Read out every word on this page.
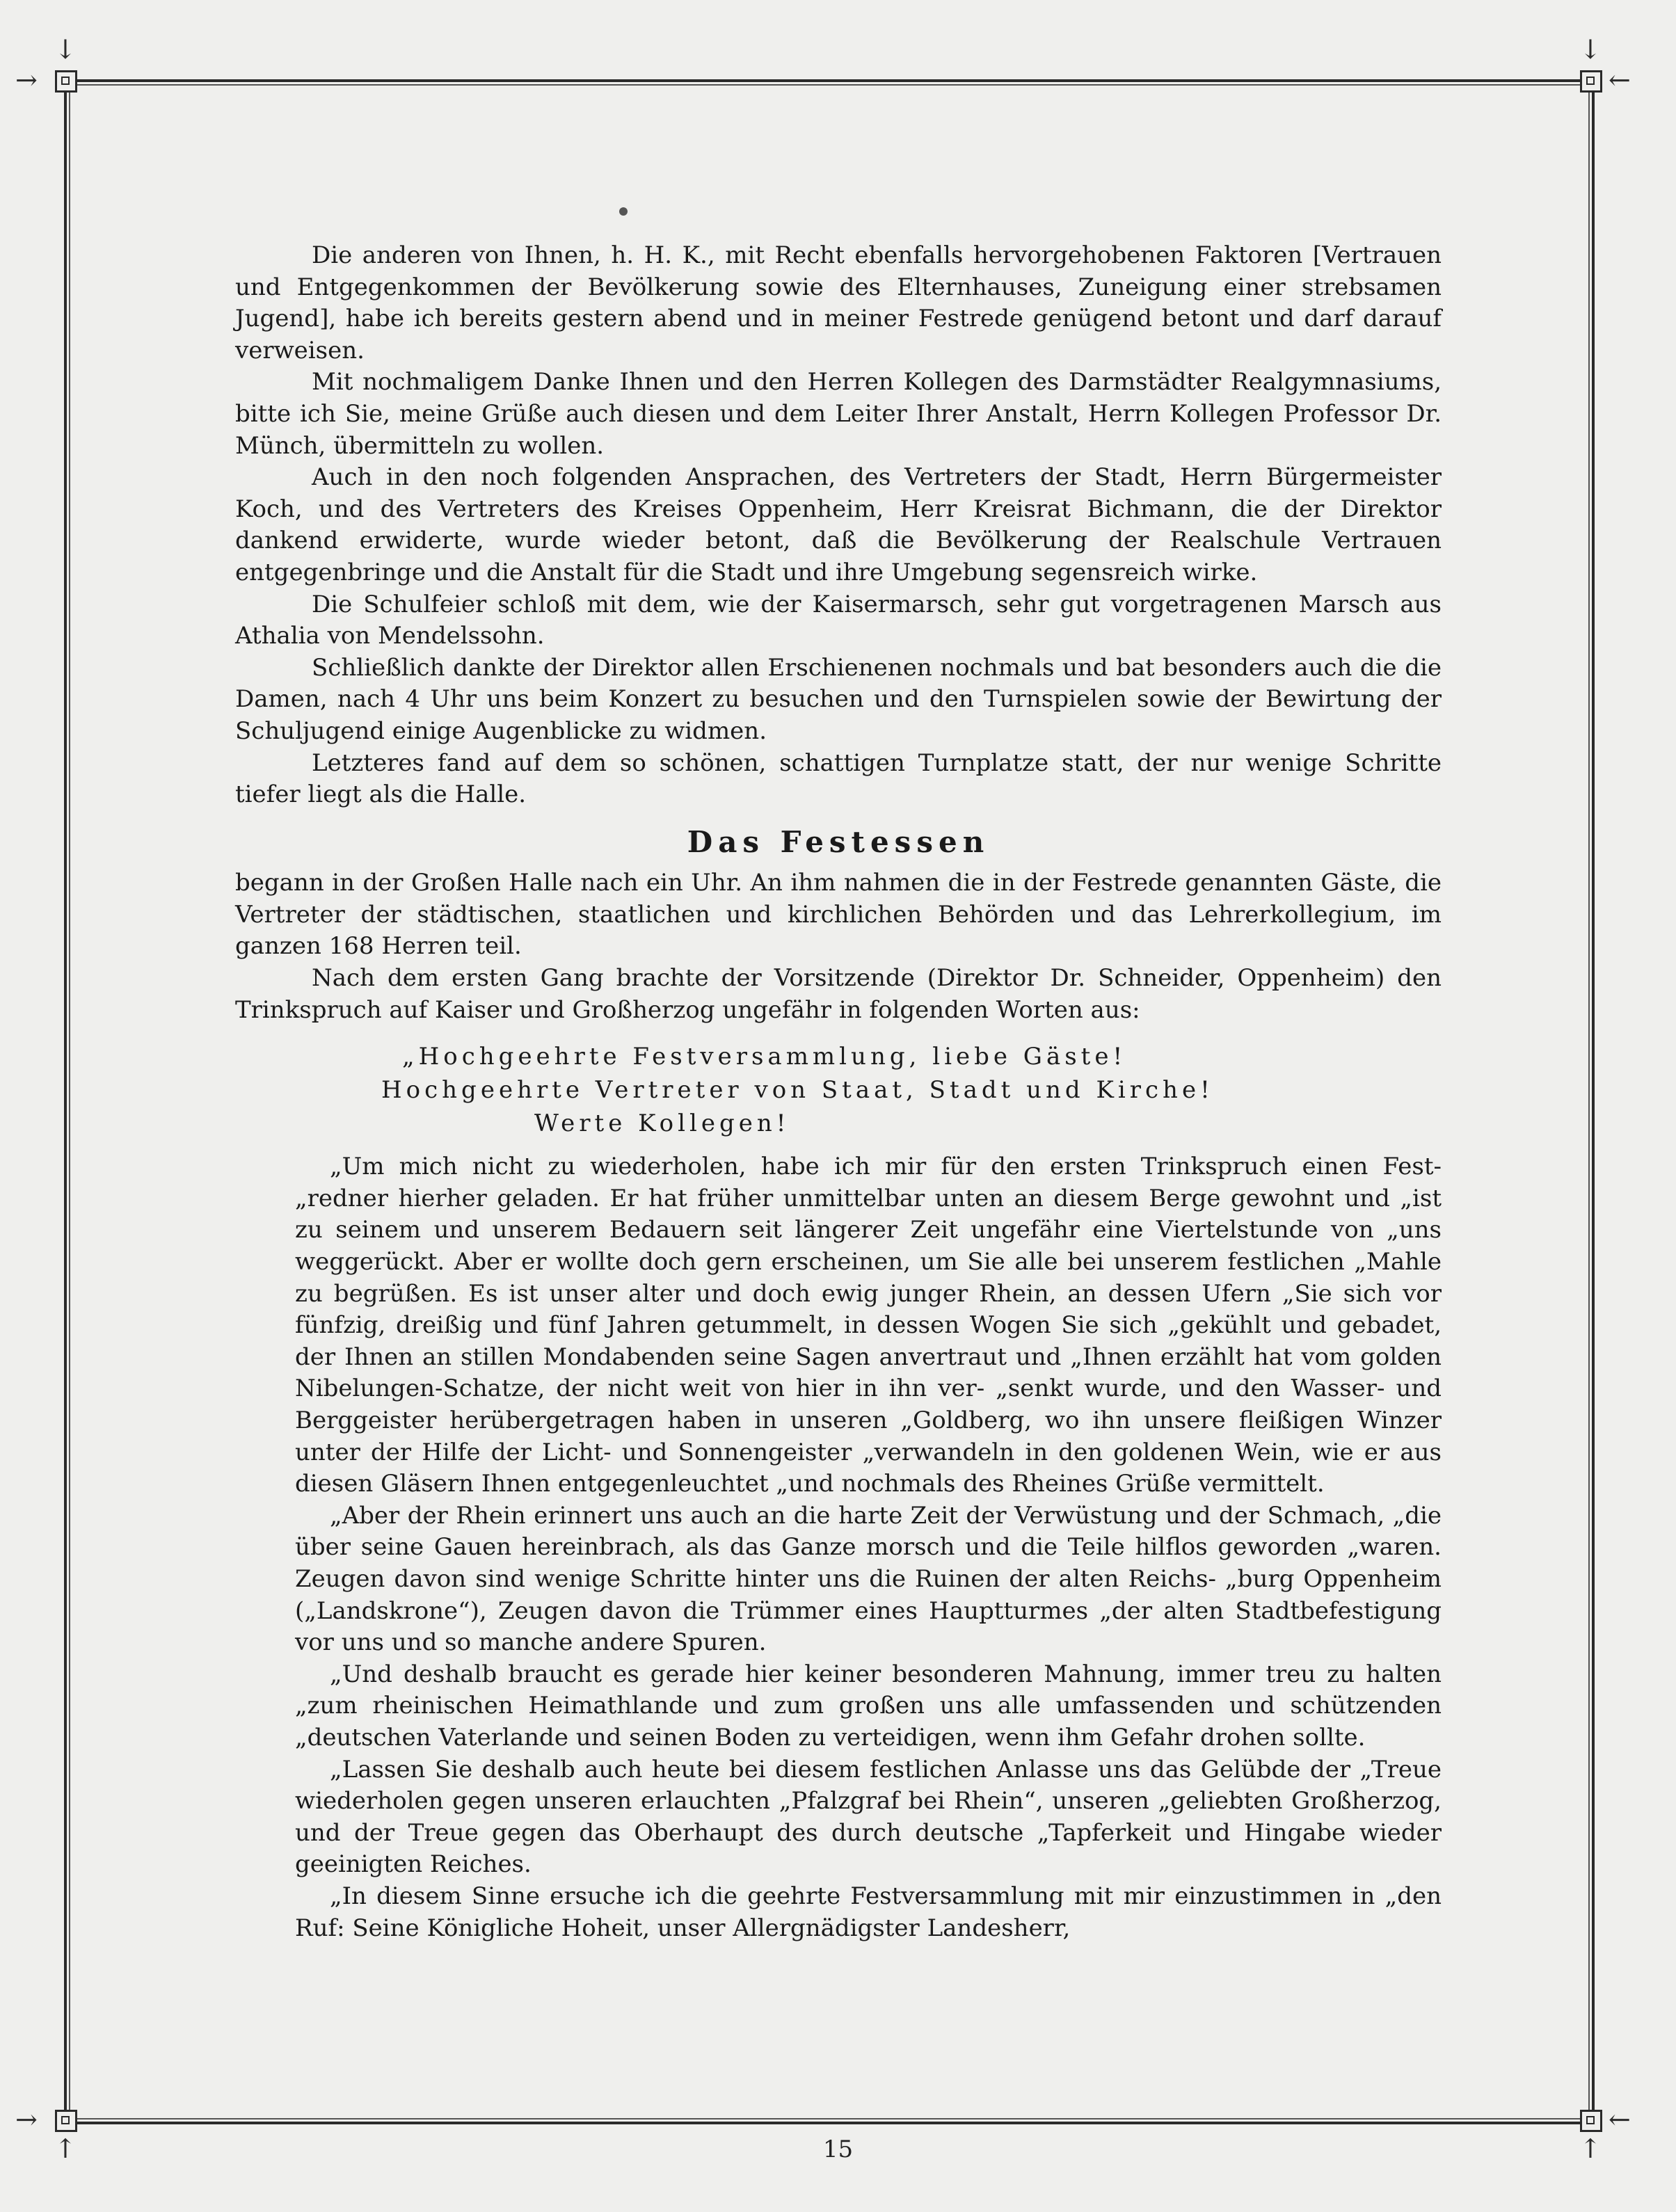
↓
→
↓
←
↑
→
↑
←

Die anderen von Ihnen, h. H. K., mit Recht ebenfalls hervorgehobenen Faktoren [Vertrauen und Entgegenkommen der Bevölkerung sowie des Elternhauses, Zuneigung einer strebsamen Jugend], habe ich bereits gestern abend und in meiner Festrede genügend betont und darf darauf verweisen.

Mit nochmaligem Danke Ihnen und den Herren Kollegen des Darmstädter Realgymnasiums, bitte ich Sie, meine Grüße auch diesen und dem Leiter Ihrer Anstalt, Herrn Kollegen Professor Dr. Münch, übermitteln zu wollen.

Auch in den noch folgenden Ansprachen, des Vertreters der Stadt, Herrn Bürgermeister Koch, und des Vertreters des Kreises Oppenheim, Herr Kreisrat Bichmann, die der Direktor dankend erwiderte, wurde wieder betont, daß die Bevölkerung der Realschule Vertrauen entgegenbringe und die Anstalt für die Stadt und ihre Umgebung segensreich wirke.

Die Schulfeier schloß mit dem, wie der Kaisermarsch, sehr gut vorgetragenen Marsch aus Athalia von Mendelssohn.

Schließlich dankte der Direktor allen Erschienenen nochmals und bat besonders auch die die Damen, nach 4 Uhr uns beim Konzert zu besuchen und den Turnspielen sowie der Bewirtung der Schuljugend einige Augenblicke zu widmen.

Letzteres fand auf dem so schönen, schattigen Turnplatze statt, der nur wenige Schritte tiefer liegt als die Halle.

Das Festessen

begann in der Großen Halle nach ein Uhr. An ihm nahmen die in der Festrede genannten Gäste, die Vertreter der städtischen, staatlichen und kirchlichen Behörden und das Lehrerkollegium, im ganzen 168 Herren teil.

Nach dem ersten Gang brachte der Vorsitzende (Direktor Dr. Schneider, Oppenheim) den Trinkspruch auf Kaiser und Großherzog ungefähr in folgenden Worten aus:

„Hochgeehrte Festversammlung, liebe Gäste!
Hochgeehrte Vertreter von Staat, Stadt und Kirche!
Werte Kollegen!

„Um mich nicht zu wiederholen, habe ich mir für den ersten Trinkspruch einen Fest- „redner hierher geladen. Er hat früher unmittelbar unten an diesem Berge gewohnt und „ist zu seinem und unserem Bedauern seit längerer Zeit ungefähr eine Viertelstunde von „uns weggerückt. Aber er wollte doch gern erscheinen, um Sie alle bei unserem festlichen „Mahle zu begrüßen. Es ist unser alter und doch ewig junger Rhein, an dessen Ufern „Sie sich vor fünfzig, dreißig und fünf Jahren getummelt, in dessen Wogen Sie sich „gekühlt und gebadet, der Ihnen an stillen Mondabenden seine Sagen anvertraut und „Ihnen erzählt hat vom golden Nibelungen-Schatze, der nicht weit von hier in ihn ver- „senkt wurde, und den Wasser- und Berggeister herübergetragen haben in unseren „Goldberg, wo ihn unsere fleißigen Winzer unter der Hilfe der Licht- und Sonnengeister „verwandeln in den goldenen Wein, wie er aus diesen Gläsern Ihnen entgegenleuchtet „und nochmals des Rheines Grüße vermittelt.

„Aber der Rhein erinnert uns auch an die harte Zeit der Verwüstung und der Schmach, „die über seine Gauen hereinbrach, als das Ganze morsch und die Teile hilflos geworden „waren. Zeugen davon sind wenige Schritte hinter uns die Ruinen der alten Reichs- „burg Oppenheim („Landskrone“), Zeugen davon die Trümmer eines Hauptturmes „der alten Stadtbefestigung vor uns und so manche andere Spuren.

„Und deshalb braucht es gerade hier keiner besonderen Mahnung, immer treu zu halten „zum rheinischen Heimathlande und zum großen uns alle umfassenden und schützenden „deutschen Vaterlande und seinen Boden zu verteidigen, wenn ihm Gefahr drohen sollte.

„Lassen Sie deshalb auch heute bei diesem festlichen Anlasse uns das Gelübde der „Treue wiederholen gegen unseren erlauchten „Pfalzgraf bei Rhein“, unseren „geliebten Großherzog, und der Treue gegen das Oberhaupt des durch deutsche „Tapferkeit und Hingabe wieder geeinigten Reiches.

„In diesem Sinne ersuche ich die geehrte Festversammlung mit mir einzustimmen in „den Ruf: Seine Königliche Hoheit, unser Allergnädigster Landesherr,

15
